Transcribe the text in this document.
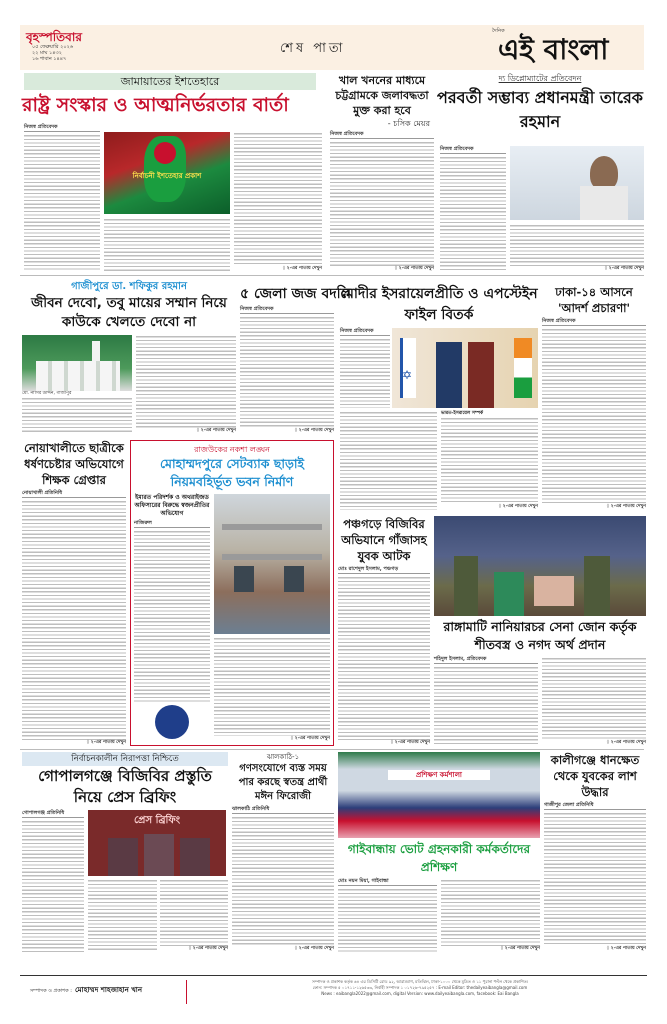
বৃহস্পতিবার
০৫ ফেব্রুয়ারি ২০২৬
২২ মাঘ ১৪৩২
১৬ শাবান ১৪৪৭
শেষ পাতা
দৈনিক
এই বাংলা
জামায়াতের ইশতেহারে
রাষ্ট্র সংস্কার ও আত্মনির্ভরতার বার্তা
নিজস্ব প্রতিবেদক
নির্বাচনী ইশতেহার প্রকাশ
◊ ২-এর পাতায় দেখুন
খাল খননের মাধ্যমে চট্টগ্রামকে জলাবদ্ধতা মুক্ত করা হবে
- চসিক মেয়র
নিজস্ব প্রতিবেদক
◊ ২-এর পাতায় দেখুন
দ্য ডিপ্লোম্যাটের প্রতিবেদন
পরবর্তী সম্ভাব্য প্রধানমন্ত্রী তারেক রহমান
নিজস্ব প্রতিবেদক
◊ ২-এর পাতায় দেখুন
গাজীপুরে ডা. শফিকুর রহমান
জীবন দেবো, তবু মায়ের সম্মান নিয়ে কাউকে খেলতে দেবো না
মো. নাসির উদ্দিন, গাজীপুর
◊ ২-এর পাতায় দেখুন
৫ জেলা জজ বদলি
নিজস্ব প্রতিবেদক
◊ ২-এর পাতায় দেখুন
মোদীর ইসরায়েলপ্রীতি ও এপস্টেইন ফাইল বিতর্ক
নিজস্ব প্রতিবেদক
✡
ভারত-ইসরায়েল সম্পর্ক
◊ ২-এর পাতায় দেখুন
ঢাকা-১৪ আসনে 'আদর্শ প্রচারণা'
নিজস্ব প্রতিবেদক
◊ ২-এর পাতায় দেখুন
নোয়াখালীতে ছাত্রীকে ধর্ষণচেষ্টার অভিযোগে শিক্ষক গ্রেপ্তার
নোয়াখালী প্রতিনিধি
◊ ২-এর পাতায় দেখুন
রাজউকের নকশা লঙ্ঘন
মোহাম্মদপুরে সেটব্যাক ছাড়াই নিয়মবহির্ভূত ভবন নির্মাণ
ইমারত পরিদর্শক ও অথরাইজড অফিসারের বিরুদ্ধে স্বজনপ্রীতির অভিযোগ
নাজিরুল
◊ ২-এর পাতায় দেখুন
পঞ্চগড়ে বিজিবির অভিযানে গাঁজাসহ যুবক আটক
মোঃ রাশেদুল ইসলাম, পঞ্চগড়
◊ ২-এর পাতায় দেখুন
রাঙ্গামাটি নানিয়ারচর সেনা জোন কর্তৃক শীতবস্ত্র ও নগদ অর্থ প্রদান
শহিদুল ইসলাম, প্রতিবেদক
◊ ২-এর পাতায় দেখুন
নির্বাচনকালীন নিরাপত্তা নিশ্চিতে
গোপালগঞ্জে বিজিবির প্রস্তুতি নিয়ে প্রেস ব্রিফিং
গোপালগঞ্জ প্রতিনিধি
প্রেস ব্রিফিং
◊ ২-এর পাতায় দেখুন
ঝালকাঠি-১
গণসংযোগে ব্যস্ত সময় পার করছে স্বতন্ত্র প্রার্থী মঈন ফিরোজী
ঝালকাঠি প্রতিনিধি
◊ ২-এর পাতায় দেখুন
প্রশিক্ষণ কর্মশালা
গাইবান্ধায় ভোট গ্রহনকারী কর্মকর্তাদের প্রশিক্ষণ
মোঃ নয়ন মিয়া, গাইবান্ধা
◊ ২-এর পাতায় দেখুন
কালীগঞ্জে ধানক্ষেত থেকে যুবকের লাশ উদ্ধার
গাজীপুর জেলা প্রতিনিধি
◊ ২-এর পাতায় দেখুন
সম্পাদক ও প্রকাশক : মোহাম্মদ শাহজাহান খান
সম্পাদক ও প্রকাশক কর্তৃক ৬৪ এর ডিসিটি রোড ৯২, আরামবাগ, মতিঝিল, ঢাকা-১০০০ থেকে মুদ্রিত ও ১১ পুরানা পল্টন থেকে প্রকাশিত।
ফোন: সম্পাদক ৫ ০১৭১১-১২৬৫৩৩, নির্বাহী সম্পাদক ১ ০১৭২৬-৭৯৫২৫৭ : E-mail Editor: thedailyeaibangla@gmail.com
News : eaibangla2022@gmail.com, digital Version: www.dailyeaibangla.com, facebook: Eai Bangla
